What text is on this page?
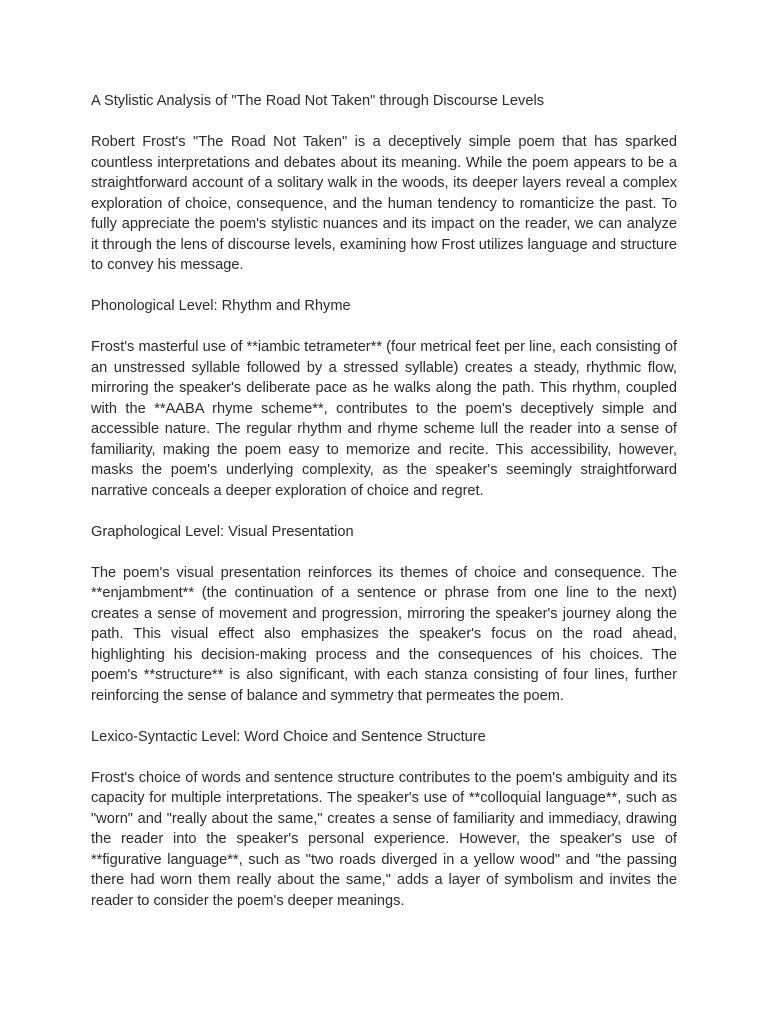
A Stylistic Analysis of "The Road Not Taken" through Discourse Levels

Robert Frost's "The Road Not Taken" is a deceptively simple poem that has sparked countless interpretations and debates about its meaning. While the poem appears to be a straightforward account of a solitary walk in the woods, its deeper layers reveal a complex exploration of choice, consequence, and the human tendency to romanticize the past. To fully appreciate the poem's stylistic nuances and its impact on the reader, we can analyze it through the lens of discourse levels, examining how Frost utilizes language and structure to convey his message.

Phonological Level: Rhythm and Rhyme

Frost's masterful use of **iambic tetrameter** (four metrical feet per line, each consisting of an unstressed syllable followed by a stressed syllable) creates a steady, rhythmic flow, mirroring the speaker's deliberate pace as he walks along the path. This rhythm, coupled with the **AABA rhyme scheme**, contributes to the poem's deceptively simple and accessible nature. The regular rhythm and rhyme scheme lull the reader into a sense of familiarity, making the poem easy to memorize and recite. This accessibility, however, masks the poem's underlying complexity, as the speaker's seemingly straightforward narrative conceals a deeper exploration of choice and regret.

Graphological Level: Visual Presentation

The poem's visual presentation reinforces its themes of choice and consequence. The **enjambment** (the continuation of a sentence or phrase from one line to the next) creates a sense of movement and progression, mirroring the speaker's journey along the path. This visual effect also emphasizes the speaker's focus on the road ahead, highlighting his decision-making process and the consequences of his choices. The poem's **structure** is also significant, with each stanza consisting of four lines, further reinforcing the sense of balance and symmetry that permeates the poem.

Lexico-Syntactic Level: Word Choice and Sentence Structure

Frost's choice of words and sentence structure contributes to the poem's ambiguity and its capacity for multiple interpretations. The speaker's use of **colloquial language**, such as "worn" and "really about the same," creates a sense of familiarity and immediacy, drawing the reader into the speaker's personal experience. However, the speaker's use of **figurative language**, such as "two roads diverged in a yellow wood" and "the passing there had worn them really about the same," adds a layer of symbolism and invites the reader to consider the poem's deeper meanings.
